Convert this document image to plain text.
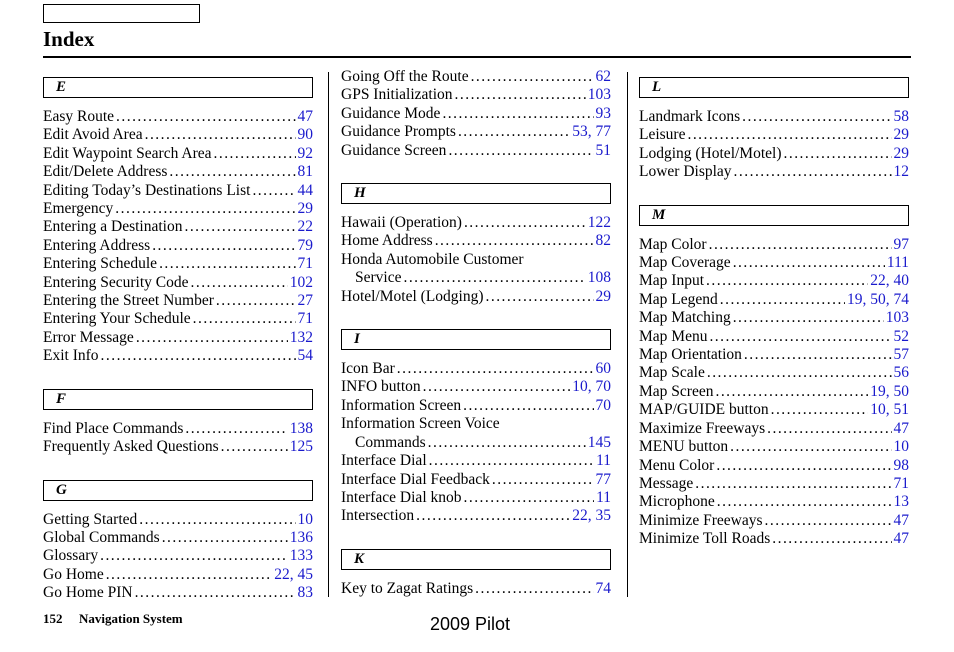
Index
E
Easy Route . . .	47
Edit Avoid Area . . .	90
Edit Waypoint Search Area . . .	92
Edit/Delete Address . . .	81
Editing Today’s Destinations List . . .	44
Emergency . . .	29
Entering a Destination . . .	22
Entering Address . . .	79
Entering Schedule . . .	71
Entering Security Code . . .	102
Entering the Street Number . . .	27
Entering Your Schedule . . .	71
Error Message . . .	132
Exit Info . . .	54
F
Find Place Commands . . .	138
Frequently Asked Questions . . .	125
G
Getting Started . . .	10
Global Commands . . .	136
Glossary . . .	133
Go Home . . .	22, 45
Go Home PIN . . .	83
Going Off the Route . . .	62
GPS Initialization . . .	103
Guidance Mode . . .	93
Guidance Prompts . . .	53, 77
Guidance Screen . . .	51
H
Hawaii (Operation) . . .	122
Home Address . . .	82
Honda Automobile Customer
Service . . .	108
Hotel/Motel (Lodging) . . .	29
I
Icon Bar . . .	60
INFO button . . .	10, 70
Information Screen . . .	70
Information Screen Voice
Commands . . .	145
Interface Dial . . .	11
Interface Dial Feedback . . .	77
Interface Dial knob . . .	11
Intersection . . .	22, 35
K
Key to Zagat Ratings . . .	74
L
Landmark Icons . . .	58
Leisure . . .	29
Lodging (Hotel/Motel) . . .	29
Lower Display . . .	12
M
Map Color . . .	97
Map Coverage . . .	111
Map Input . . .	22, 40
Map Legend . . .	19, 50, 74
Map Matching . . .	103
Map Menu . . .	52
Map Orientation . . .	57
Map Scale . . .	56
Map Screen . . .	19, 50
MAP/GUIDE button . . .	10, 51
Maximize Freeways . . .	47
MENU button . . .	10
Menu Color . . .	98
Message . . .	71
Microphone . . .	13
Minimize Freeways . . .	47
Minimize Toll Roads . . .	47
152 Navigation System	2009 Pilot
